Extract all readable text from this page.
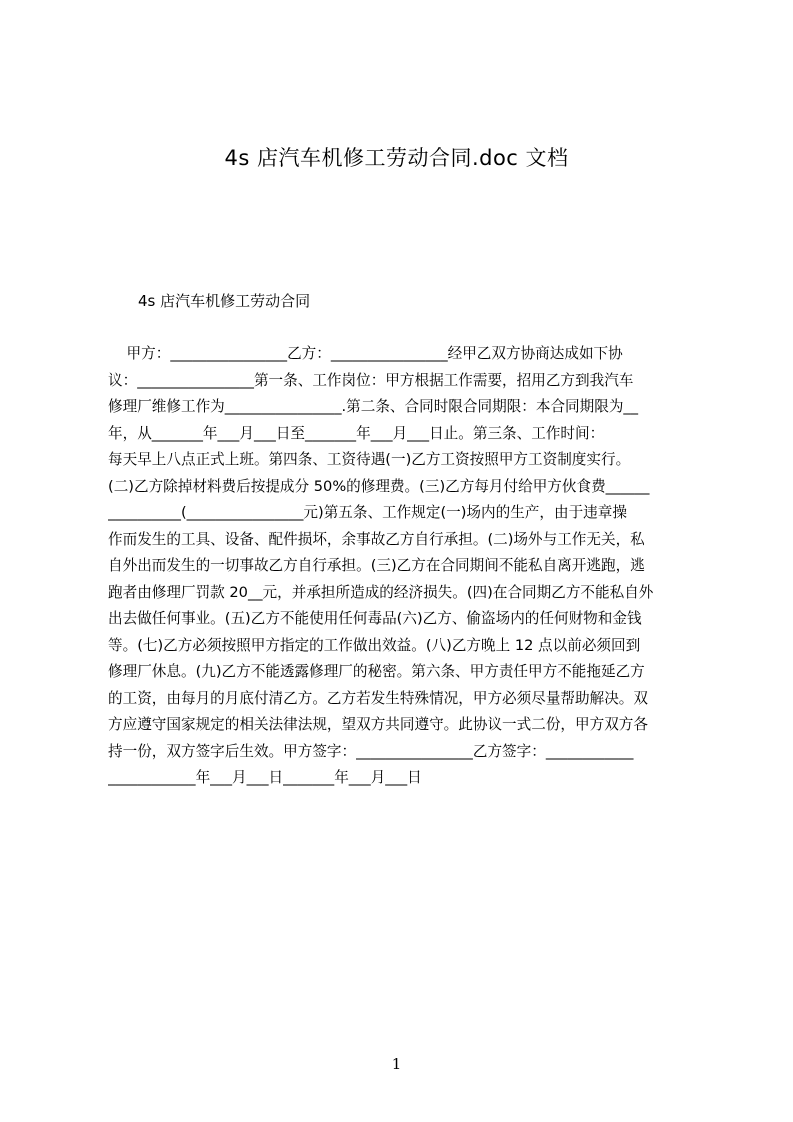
4s 店汽车机修工劳动合同.doc 文档
4s 店汽车机修工劳动合同
甲方：________________乙方：________________经甲乙双方协商达成如下协
议：________________第一条、工作岗位：甲方根据工作需要，招用乙方到我汽车
修理厂维修工作为________________.第二条、合同时限合同期限：本合同期限为__
年，从_______年___月___日至_______年___月___日止。第三条、工作时间：
每天早上八点正式上班。第四条、工资待遇(一)乙方工资按照甲方工资制度实行。
(二)乙方除掉材料费后按提成分 50%的修理费。(三)乙方每月付给甲方伙食费______
__________(________________元)第五条、工作规定(一)场内的生产，由于违章操
作而发生的工具、设备、配件损坏，余事故乙方自行承担。(二)场外与工作无关，私
自外出而发生的一切事故乙方自行承担。(三)乙方在合同期间不能私自离开逃跑，逃
跑者由修理厂罚款 20__元，并承担所造成的经济损失。(四)在合同期乙方不能私自外
出去做任何事业。(五)乙方不能使用任何毒品(六)乙方、偷盗场内的任何财物和金钱
等。(七)乙方必须按照甲方指定的工作做出效益。(八)乙方晚上 12 点以前必须回到
修理厂休息。(九)乙方不能透露修理厂的秘密。第六条、甲方责任甲方不能拖延乙方
的工资，由每月的月底付清乙方。乙方若发生特殊情况，甲方必须尽量帮助解决。双
方应遵守国家规定的相关法律法规，望双方共同遵守。此协议一式二份，甲方双方各
持一份，双方签字后生效。甲方签字：________________乙方签字：____________
____________年___月___日_______年___月___日
1
